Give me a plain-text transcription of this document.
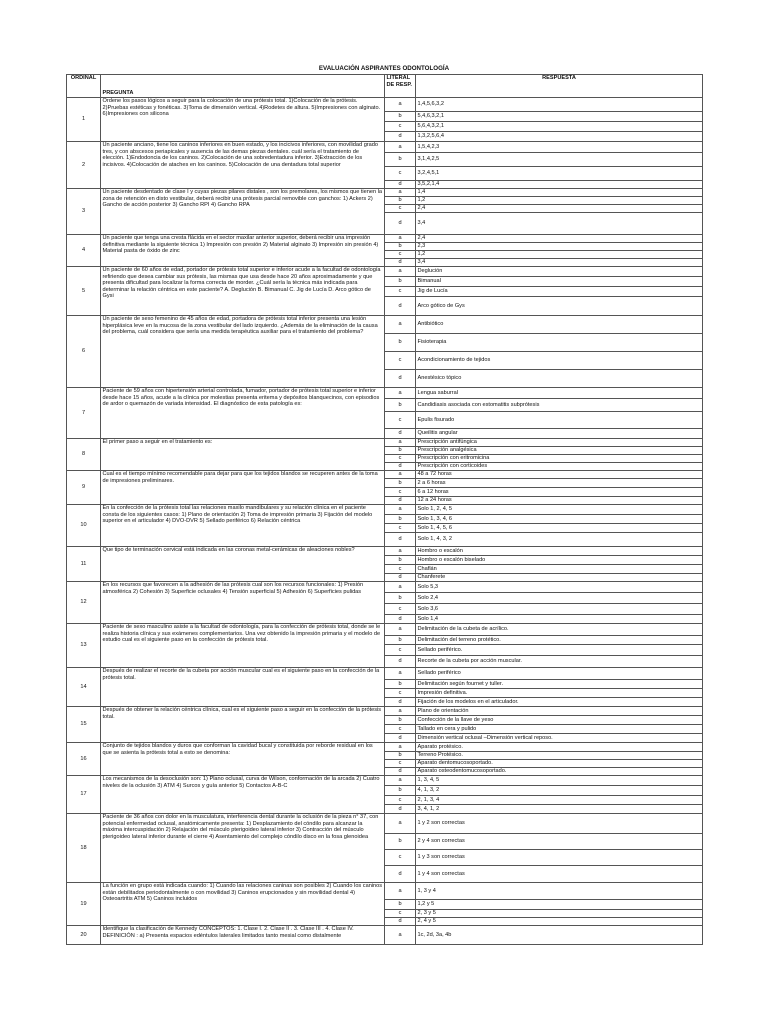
EVALUACIÓN ASPIRANTES ODONTOLOGÍA
ORDINAL	PREGUNTA	LITERAL DE RESP.	RESPUESTA
1	Ordene los pasos lógicos a seguir para la colocación de una prótesis total. 1)Colocación de la prótesis. 2)Pruebas estéticas y fonéticas. 3)Toma de dimensión vertical. 4)Rodetes de altura. 5)Impresiones con alginato. 6)Impresiones con silicona	a	1,4,5,6,3,2
		b	5,4,6,3,2,1
		c	5,6,4,3,2,1
		d	1,3,2,5,6,4
2	Un paciente anciano, tiene los caninos inferiores en buen estado, y los incicivos inferiores, con movilidad grado tres, y con abscesos periapicales y ausencia de las demas piezas dentales. cuál sería el tratamiento de elección. 1)Endodoncia de los caninos. 2)Colocación de una sobredentadura inferior. 3)Extracción de los incisivos. 4)Colocación de ataches en los caninos. 5)Colocación de una dentadura total superior	a	1,5,4,2,3
		b	3,1,4,2,5
		c	3,2,4,5,1
		d	3,5,2,1,4
3	Un paciente desdentado de clase I y cuyas piezas pilares distales , son los premolares, los mismos que tienen la zona de retención en disto vestibular, deberá recibir una prótesis parcial removible con ganchos: 1) Ackers 2) Gancho de acción posterior 3) Gancho RPI 4) Gancho RPA	a	1,4
		b	1,2
		c	2,4
		d	3,4
4	Un paciente que tenga una cresta flácida en el sector maxilar anterior superior, deberá recibir una impresión definitiva mediante la siguiente técnica 1) Impresión con presión 2) Material alginato 3) Impresión sin presión 4) Material pasta de óxido de zinc	a	2,4
		b	2,3
		c	1,2
		d	3,4
5	Un paciente de 60 años de edad, portador de prótesis total superior e inferior acude a la facultad de odontología refiriendo que desea cambiar sus prótesis, las mismas que usa desde hace 20 años aproximadamente y que presenta dificultad para localizar la forma correcta de morder. ¿Cuál sería la técnica más indicada para determinar la relación céntrica en este paciente? A. Deglución B. Bimanual C. Jig de Lucía D. Arco gótico de Gysi	a	Deglución
		b	Bimanual
		c	Jig de Lucía
		d	Arco gótico de Gys
6	Un paciente de sexo femenino de 45 años de edad, portadora de prótesis total inferior presenta una lesión hiperplásica leve en la mucosa de la zona vestibular del lado izquierdo. ¿Además de la eliminación de la causa del problema, cuál considera que sería una medida terapéutica auxiliar para el tratamiento del problema?	a	Antibiótico
		b	Fisioterapia
		c	Acondicionamiento de tejidos
		d	Anestésico tópico
7	Paciente de 59 años con hipertensión arterial controlada, fumador, portador de prótesis total superior e inferior desde hace 15 años, acude a la clínica por molestias presenta eritema y depósitos blanquecinos, con episodios de ardor o quemazón de variada intensidad. El diagnóstico de esta patología es:	a	Lengua saburral
		b	Candidiasis asociada con estomatitis subprótesis
		c	Epulis fisurado
		d	Queilitis angular
8	El primer paso a seguir en el tratamiento es:	a	Prescripción antifúngica
		b	Prescripción analgésica
		c	Prescripción con eritromicina
		d	Prescripción con corticoides
9	Cual es el tiempo mínimo recomendable para dejar para que los tejidos blandos se recuperen antes de la toma de impresiones preliminares.	a	48 a 72 horas
		b	2 a 6 horas
		c	6 a 12 horas
		d	12 a 24 horas
10	En la confección de la prótesis total las relaciones maxilo mandibulares y su relación clínica en el paciente consta de los siguientes casos: 1) Plano de orientación 2) Toma de impresión primaria 3) Fijación del modelo superior en el articulador 4) DVO-DVR 5) Sellado periférico 6) Relación céntrica	a	Solo 1, 2, 4, 5
		b	Solo 1, 3, 4, 6
		c	Solo 1, 4, 5, 6
		d	Solo 1, 4, 3, 2
11	Que tipo de terminación cervical está indicada en las coronas metal-cerámicas de aleaciones nobles?	a	Hombro o escalón
		b	Hombro o escalón biselado
		c	Chaflán
		d	Chanferete
12	En los recursos que favorecen a la adhesión de las prótesis cual son los recursos funcionales: 1) Presión atmosférica 2) Cohesión 3) Superficie oclusales 4) Tensión superficial 5) Adhesión 6) Superficies pulidas	a	Solo 5,3
		b	Solo 2,4
		c	Solo 3,6
		d	Solo 1,4
13	Paciente de sexo masculino asiste a la facultad de odontología, para la confección de prótesis total, donde se le realiza historia clínica y sus exámenes complementarios. Una vez obtenido la impresión primaria y el modelo de estudio cual es el siguiente paso en la confección de prótesis total.	a	Delimitación de la cubeta de acrílico.
		b	Delimitación del terreno protético.
		c	Sellado periférico.
		d	Recorte de la cubeta por acción muscular.
14	Después de realizar el recorte de la cubeta por acción muscular cual es el siguiente paso en la confección de la prótesis total.	a	Sellado periférico
		b	Delimitación según fournet y tuller.
		c	Impresión definitiva.
		d	Fijación de los modelos en el articulador.
15	Después de obtener la relación céntrica clínica, cual es el siguiente paso a seguir en la confección de la prótesis total.	a	Plano de orientación
		b	Confección de la llave de yeso
		c	Tallado en cera y pulido
		d	Dimensión vertical oclusal –Dimensión vertical reposo.
16	Conjunto de tejidos blandos y duros que conforman la cavidad bucal y constituida por reborde residual en los que se asienta la prótesis total a esto se denomina:	a	Aparato protésico.
		b	Terreno Protésico.
		c	Aparato dentomucosoportado.
		d	Aparato osteodentomucosoportado.
17	Los mecanismos de la desoclusión son: 1) Plano oclusal, curva de Wilson, conformación de la arcada 2) Cuatro niveles de la oclusión 3) ATM 4) Surcos y guía anterior 5) Contactos A-B-C	a	1, 3, 4, 5
		b	4, 1, 3, 2
		c	2, 1, 3, 4
		d	3, 4, 1, 2
18	Paciente de 36 años con dolor en la musculatura, interferencia dental durante la oclusión de la pieza n° 37, con potencial enfermedad oclusal, anatómicamente presenta: 1) Desplazamiento del cóndilo para alcanzar la máxima intercuspidación 2) Relajación del músculo pterigoideo lateral inferior 3) Contracción del músculo pterigoideo lateral inferior durante el cierre 4) Asentamiento del complejo cóndilo disco en la fosa glenoidea	a	1 y 2 son correctas
		b	2 y 4 son correctas
		c	1 y 3 son correctas
		d	1 y 4 son correctas
19	La función en grupo está indicada cuando: 1) Cuando las relaciones caninas son posibles 2) Cuando los caninos están debilitados periodontalmente o con movilidad 3) Caninos erupcionados y sin movilidad dental 4) Osteoartritis ATM 5) Caninos incluidos	a	1, 3 y 4
		b	1,2 y 5
		c	2, 3 y 5
		d	2, 4 y 5
20	Identifique la clasificación de Kennedy CONCEPTOS: 1. Clase I. 2. Clase II . 3. Clase III . 4. Clase IV. DEFINICIÓN : a) Presenta espacios edéntulos laterales limitados tanto mesial como distalmente	a	1c, 2d, 3a, 4b
